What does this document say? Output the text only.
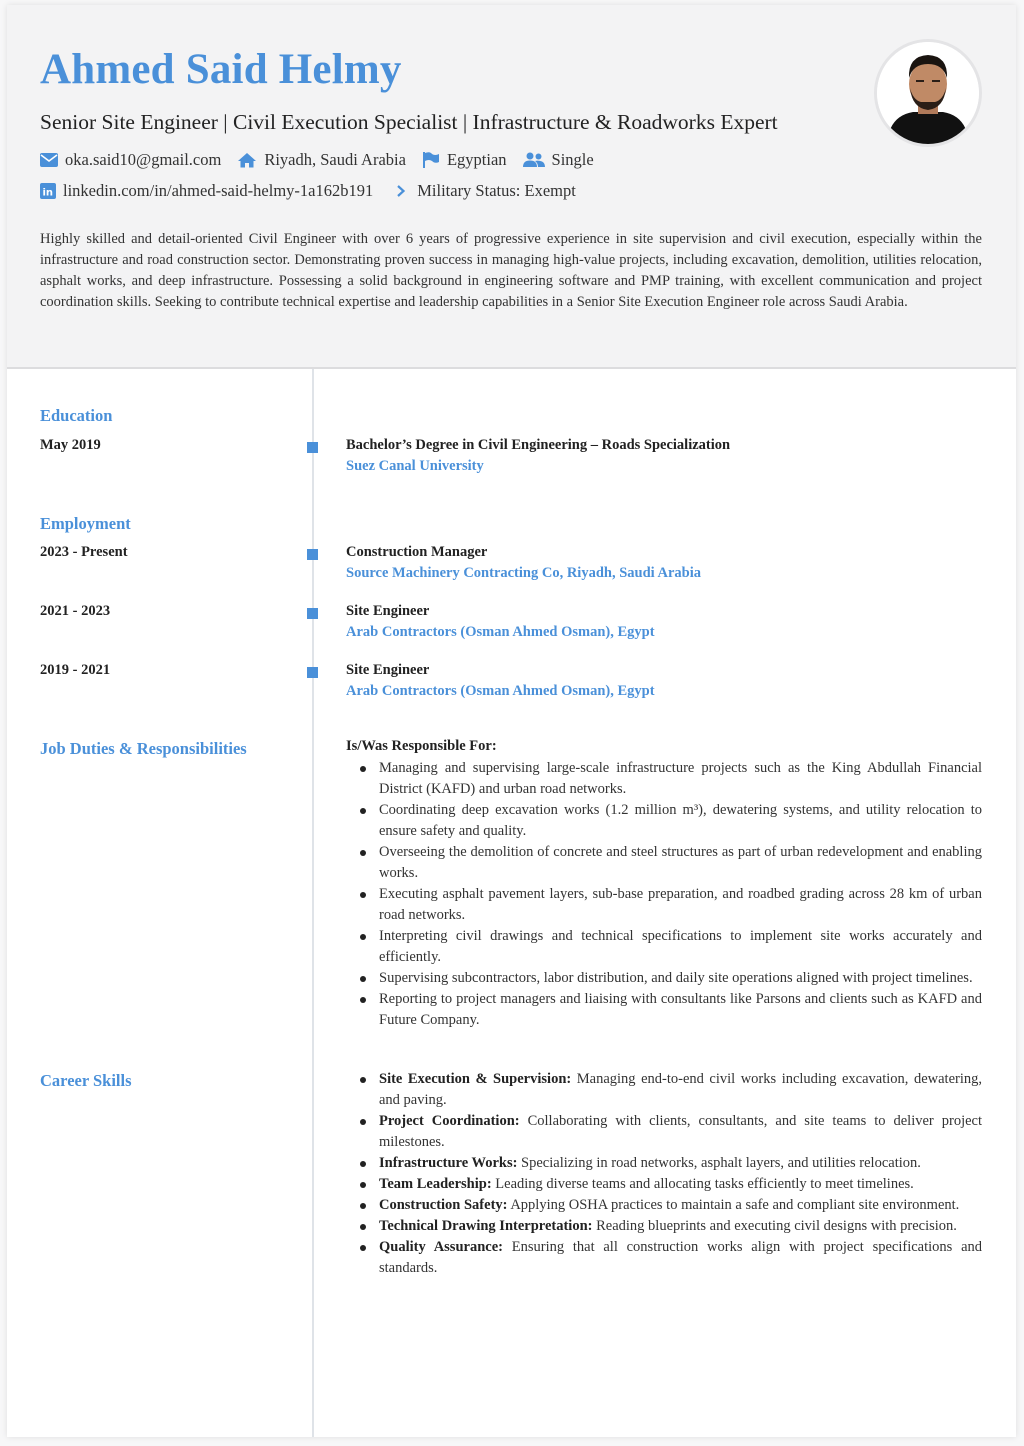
Ahmed Said Helmy
Senior Site Engineer | Civil Execution Specialist | Infrastructure & Roadworks Expert
oka.said10@gmail.com	Riyadh, Saudi Arabia Egyptian	Single
in linkedin.com/in/ahmed-said-helmy-1a162b191	Military Status: Exempt
Highly skilled and detail-oriented Civil Engineer with over 6 years of progressive experience in site supervision and civil execution, especially within the infrastructure and road construction sector. Demonstrating proven success in managing high-value projects, including excavation, demolition, utilities relocation, asphalt works, and deep infrastructure. Possessing a solid background in engineering software and PMP training, with excellent communication and project coordination skills. Seeking to contribute technical expertise and leadership capabilities in a Senior Site Execution Engineer role across Saudi Arabia.
Education
May 2019	Bachelor’s Degree in Civil Engineering – Roads Specialization
Suez Canal University
Employment
2023 - Present	Construction Manager
Source Machinery Contracting Co, Riyadh, Saudi Arabia
2021 - 2023	Site Engineer
Arab Contractors (Osman Ahmed Osman), Egypt
2019 - 2021	Site Engineer
Arab Contractors (Osman Ahmed Osman), Egypt
Job Duties & Responsibilities	Is/Was Responsible For:
Managing and supervising large-scale infrastructure projects such as the King Abdullah Financial District (KAFD) and urban road networks.
Coordinating deep excavation works (1.2 million m³), dewatering systems, and utility relocation to ensure safety and quality.
Overseeing the demolition of concrete and steel structures as part of urban redevelopment and enabling works.
Executing asphalt pavement layers, sub-base preparation, and roadbed grading across 28 km of urban road networks.
Interpreting civil drawings and technical specifications to implement site works accurately and efficiently.
Supervising subcontractors, labor distribution, and daily site operations aligned with project timelines.
Reporting to project managers and liaising with consultants like Parsons and clients such as KAFD and Future Company.
Career Skills	Site Execution & Supervision: Managing end-to-end civil works including excavation, dewatering, and paving.
Project Coordination: Collaborating with clients, consultants, and site teams to deliver project milestones.
Infrastructure Works: Specializing in road networks, asphalt layers, and utilities relocation.
Team Leadership: Leading diverse teams and allocating tasks efficiently to meet timelines.
Construction Safety: Applying OSHA practices to maintain a safe and compliant site environment.
Technical Drawing Interpretation: Reading blueprints and executing civil designs with precision.
Quality Assurance: Ensuring that all construction works align with project specifications and standards.
